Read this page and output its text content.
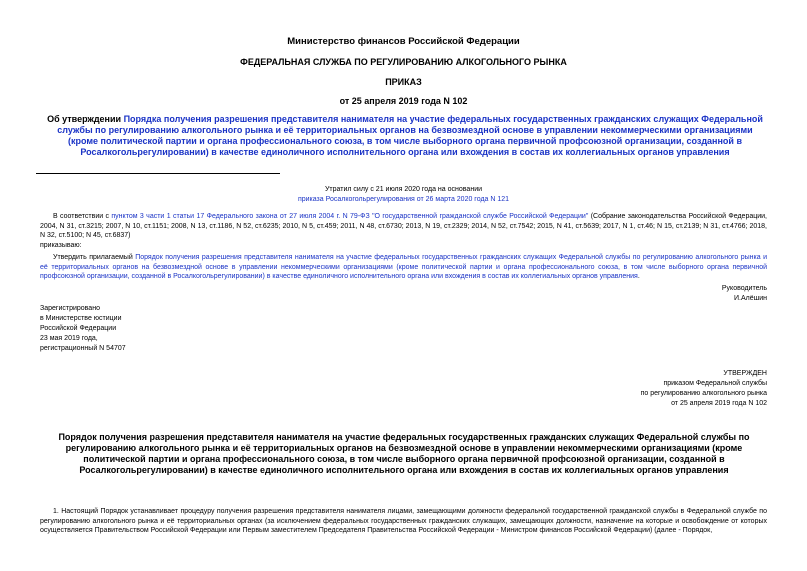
Министерство финансов Российской Федерации
ФЕДЕРАЛЬНАЯ СЛУЖБА ПО РЕГУЛИРОВАНИЮ АЛКОГОЛЬНОГО РЫНКА
ПРИКАЗ
от 25 апреля 2019 года N 102
Об утверждении Порядка получения разрешения представителя нанимателя на участие федеральных государственных гражданских служащих Федеральной службы по регулированию алкогольного рынка и её территориальных органов на безвозмездной основе в управлении некоммерческими организациями (кроме политической партии и органа профессионального союза, в том числе выборного органа первичной профсоюзной организации, созданной в Росалкогольрегулировании) в качестве единоличного исполнительного органа или вхождения в состав их коллегиальных органов управления
Утратил силу с 21 июля 2020 года на основании
приказа Росалкогольрегулирования от 26 марта 2020 года N 121
В соответствии с пунктом 3 части 1 статьи 17 Федерального закона от 27 июля 2004 г. N 79-ФЗ "О государственной гражданской службе Российской Федерации" (Собрание законодательства Российской Федерации, 2004, N 31, ст.3215; 2007, N 10, ст.1151; 2008, N 13, ст.1186, N 52, ст.6235; 2010, N 5, ст.459; 2011, N 48, ст.6730; 2013, N 19, ст.2329; 2014, N 52, ст.7542; 2015, N 41, ст.5639; 2017, N 1, ст.46; N 15, ст.2139; N 31, ст.4766; 2018, N 32, ст.5100; N 45, ст.6837)
приказываю:
Утвердить прилагаемый Порядок получения разрешения представителя нанимателя на участие федеральных государственных гражданских служащих Федеральной службы по регулированию алкогольного рынка и её территориальных органов на безвозмездной основе в управлении некоммерческими организациями (кроме политической партии и органа профессионального союза, в том числе выборного органа первичной профсоюзной организации, созданной в Росалкогольрегулировании) в качестве единоличного исполнительного органа или вхождения в состав их коллегиальных органов управления.
Руководитель
И.Алёшин
Зарегистрировано
в Министерстве юстиции
Российской Федерации
23 мая 2019 года,
регистрационный N 54707
УТВЕРЖДЕН
приказом Федеральной службы
по регулированию алкогольного рынка
от 25 апреля 2019 года N 102
Порядок получения разрешения представителя нанимателя на участие федеральных государственных гражданских служащих Федеральной службы по регулированию алкогольного рынка и её территориальных органов на безвозмездной основе в управлении некоммерческими организациями (кроме политической партии и органа профессионального союза, в том числе выборного органа первичной профсоюзной организации, созданной в Росалкогольрегулировании) в качестве единоличного исполнительного органа или вхождения в состав их коллегиальных органов управления
1. Настоящий Порядок устанавливает процедуру получения разрешения представителя нанимателя лицами, замещающими должности федеральной государственной гражданской службы в Федеральной службе по регулированию алкогольного рынка и её территориальных органах (за исключением федеральных государственных гражданских служащих, замещающих должности, назначение на которые и освобождение от которых осуществляется Правительством Российской Федерации или Первым заместителем Председателя Правительства Российской Федерации - Министром финансов Российской Федерации) (далее - Порядок,
